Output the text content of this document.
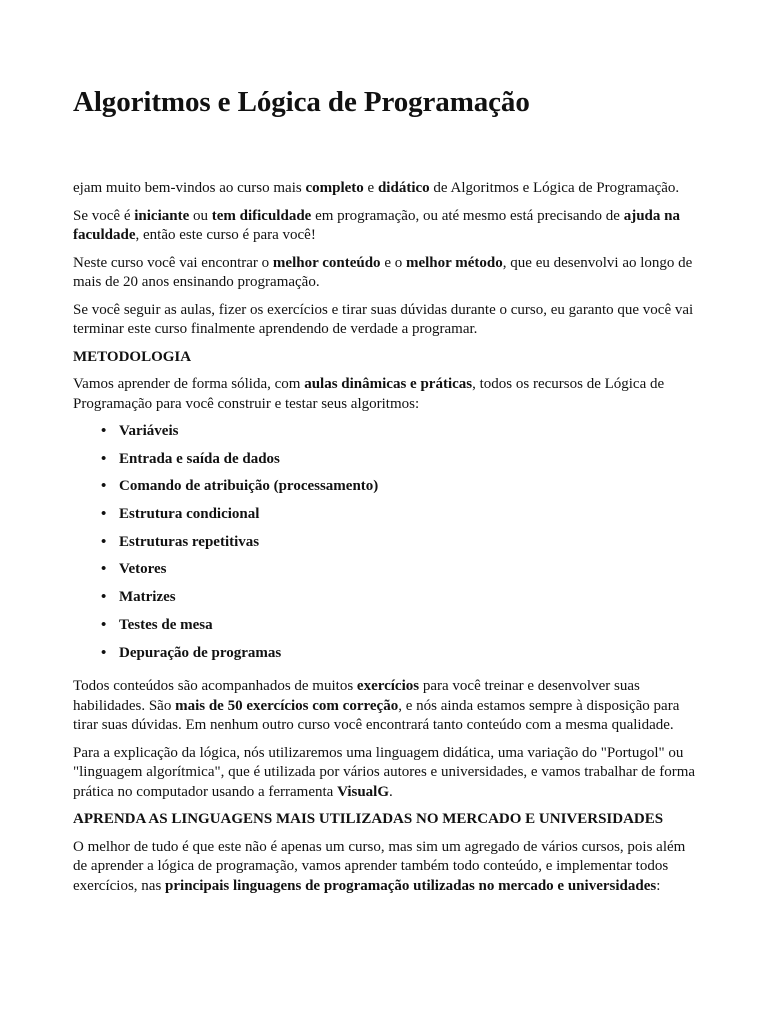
Algoritmos e Lógica de Programação

ejam muito bem-vindos ao curso mais completo e didático de Algoritmos e Lógica de Programação.

Se você é iniciante ou tem dificuldade em programação, ou até mesmo está precisando de ajuda na faculdade, então este curso é para você!

Neste curso você vai encontrar o melhor conteúdo e o melhor método, que eu desenvolvi ao longo de mais de 20 anos ensinando programação.

Se você seguir as aulas, fizer os exercícios e tirar suas dúvidas durante o curso, eu garanto que você vai terminar este curso finalmente aprendendo de verdade a programar.

METODOLOGIA

Vamos aprender de forma sólida, com aulas dinâmicas e práticas, todos os recursos de Lógica de Programação para você construir e testar seus algoritmos:

• Variáveis
• Entrada e saída de dados
• Comando de atribuição (processamento)
• Estrutura condicional
• Estruturas repetitivas
• Vetores
• Matrizes
• Testes de mesa
• Depuração de programas

Todos conteúdos são acompanhados de muitos exercícios para você treinar e desenvolver suas habilidades. São mais de 50 exercícios com correção, e nós ainda estamos sempre à disposição para tirar suas dúvidas. Em nenhum outro curso você encontrará tanto conteúdo com a mesma qualidade.

Para a explicação da lógica, nós utilizaremos uma linguagem didática, uma variação do "Portugol" ou "linguagem algorítmica", que é utilizada por vários autores e universidades, e vamos trabalhar de forma prática no computador usando a ferramenta VisualG.

APRENDA AS LINGUAGENS MAIS UTILIZADAS NO MERCADO E UNIVERSIDADES

O melhor de tudo é que este não é apenas um curso, mas sim um agregado de vários cursos, pois além de aprender a lógica de programação, vamos aprender também todo conteúdo, e implementar todos exercícios, nas principais linguagens de programação utilizadas no mercado e universidades:
